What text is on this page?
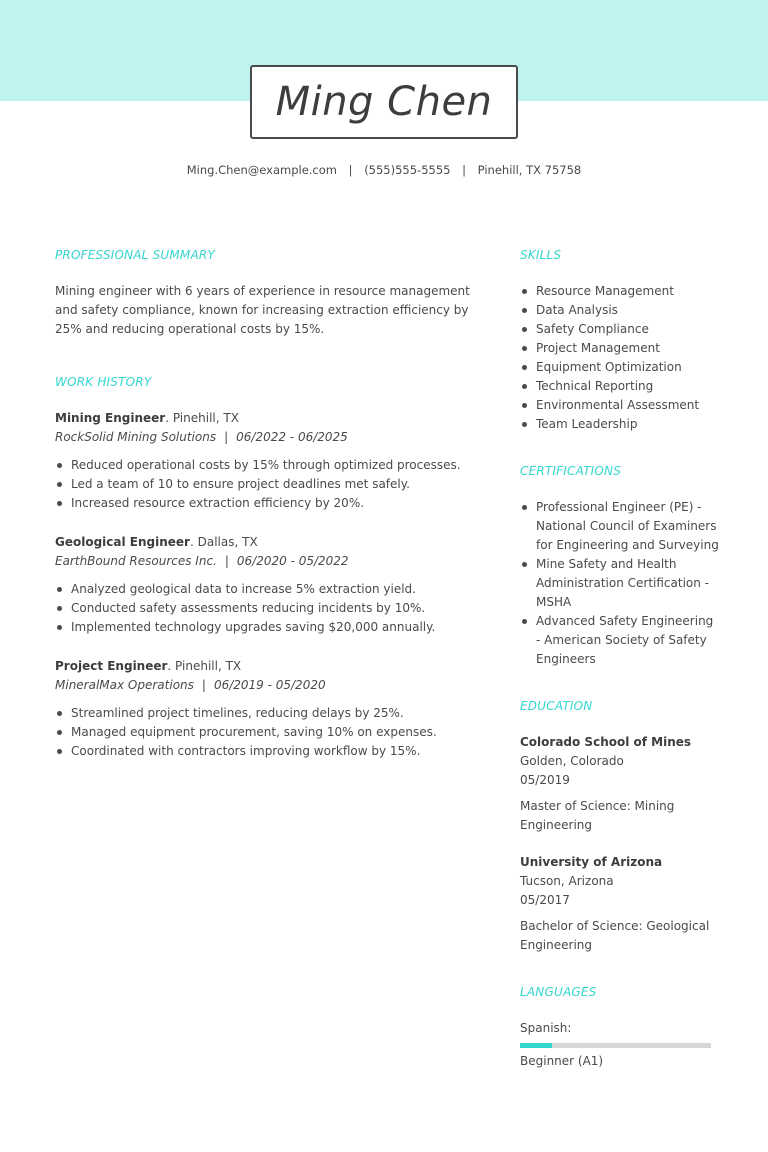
Ming Chen
Ming.Chen@example.com | (555)555-5555 | Pinehill, TX 75758
PROFESSIONAL SUMMARY

Mining engineer with 6 years of experience in resource management and safety compliance, known for increasing extraction efficiency by 25% and reducing operational costs by 15%.

WORK HISTORY
Mining Engineer. Pinehill, TX
RockSolid Mining Solutions | 06/2022 - 06/2025
Reduced operational costs by 15% through optimized processes.
Led a team of 10 to ensure project deadlines met safely.
Increased resource extraction efficiency by 20%.
Geological Engineer. Dallas, TX
EarthBound Resources Inc. | 06/2020 - 05/2022
Analyzed geological data to increase 5% extraction yield.
Conducted safety assessments reducing incidents by 10%.
Implemented technology upgrades saving $20,000 annually.
Project Engineer. Pinehill, TX
MineralMax Operations | 06/2019 - 05/2020
Streamlined project timelines, reducing delays by 25%.
Managed equipment procurement, saving 10% on expenses.
Coordinated with contractors improving workflow by 15%.
SKILLS
Resource Management
Data Analysis
Safety Compliance
Project Management
Equipment Optimization
Technical Reporting
Environmental Assessment
Team Leadership
CERTIFICATIONS
Professional Engineer (PE) - National Council of Examiners for Engineering and Surveying
Mine Safety and Health Administration Certification - MSHA
Advanced Safety Engineering - American Society of Safety Engineers
EDUCATION
Colorado School of Mines
Golden, Colorado
05/2019
Master of Science: Mining Engineering
University of Arizona
Tucson, Arizona
05/2017
Bachelor of Science: Geological Engineering
LANGUAGES
Spanish:
Beginner (A1)
